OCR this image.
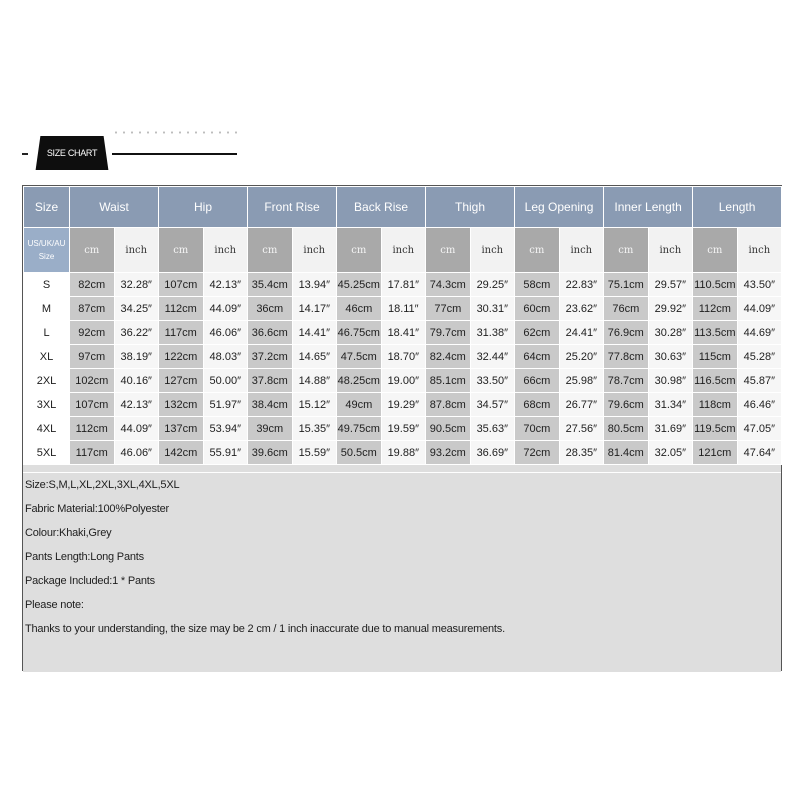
SIZE CHART
Size	Waist		Hip		Front Rise		Back Rise		Thigh		Leg Opening		Inner Length		Length	
US/UK/AU
Size	cm	inch	cm	inch	cm	inch	cm	inch	cm	inch	cm	inch	cm	inch	cm	inch
S	82cm	32.28″	107cm	42.13″	35.4cm	13.94″	45.25cm	17.81″	74.3cm	29.25″	58cm	22.83″	75.1cm	29.57″	110.5cm	43.50″
M	87cm	34.25″	112cm	44.09″	36cm	14.17″	46cm	18.11″	77cm	30.31″	60cm	23.62″	76cm	29.92″	112cm	44.09″
L	92cm	36.22″	117cm	46.06″	36.6cm	14.41″	46.75cm	18.41″	79.7cm	31.38″	62cm	24.41″	76.9cm	30.28″	113.5cm	44.69″
XL	97cm	38.19″	122cm	48.03″	37.2cm	14.65″	47.5cm	18.70″	82.4cm	32.44″	64cm	25.20″	77.8cm	30.63″	115cm	45.28″
2XL	102cm	40.16″	127cm	50.00″	37.8cm	14.88″	48.25cm	19.00″	85.1cm	33.50″	66cm	25.98″	78.7cm	30.98″	116.5cm	45.87″
3XL	107cm	42.13″	132cm	51.97″	38.4cm	15.12″	49cm	19.29″	87.8cm	34.57″	68cm	26.77″	79.6cm	31.34″	118cm	46.46″
4XL	112cm	44.09″	137cm	53.94″	39cm	15.35″	49.75cm	19.59″	90.5cm	35.63″	70cm	27.56″	80.5cm	31.69″	119.5cm	47.05″
5XL	117cm	46.06″	142cm	55.91″	39.6cm	15.59″	50.5cm	19.88″	93.2cm	36.69″	72cm	28.35″	81.4cm	32.05″	121cm	47.64″
Size:S,M,L,XL,2XL,3XL,4XL,5XL
Fabric Material:100%Polyester
Colour:Khaki,Grey
Pants Length:Long Pants
Package Included:1 * Pants
Please note:
Thanks to your understanding, the size may be 2 cm / 1 inch inaccurate due to manual measurements.
